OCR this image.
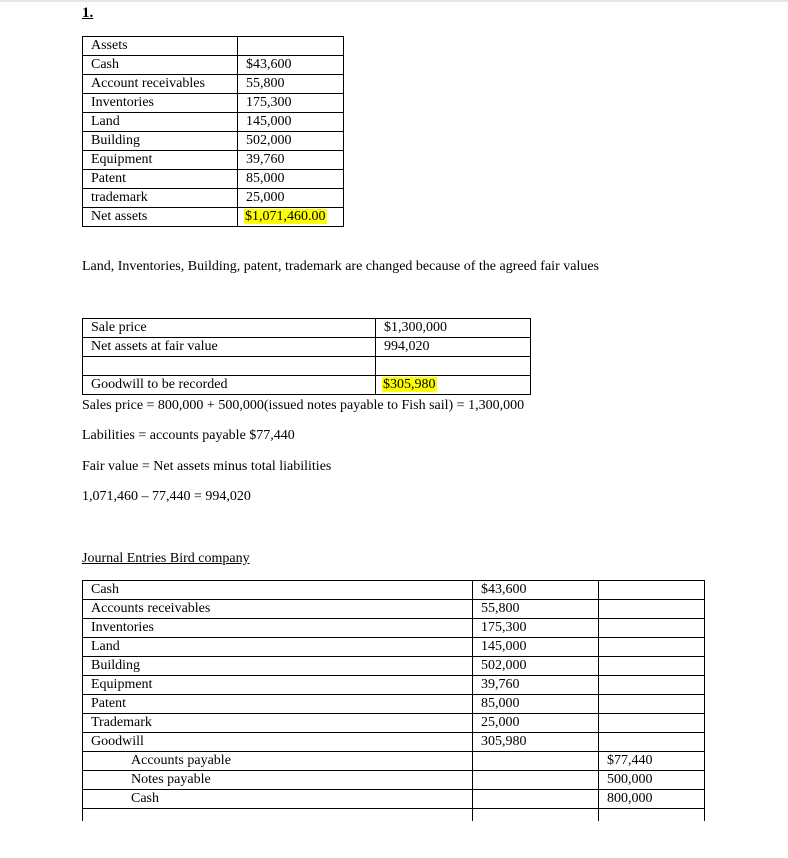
1.
Assets	
Cash	$43,600
Account receivables	55,800
Inventories	175,300
Land	145,000
Building	502,000
Equipment	39,760
Patent	85,000
trademark	25,000
Net assets	$1,071,460.00
Land, Inventories, Building, patent, trademark are changed because of the agreed fair values
Sale price	$1,300,000
Net assets at fair value	994,020

Goodwill to be recorded	$305,980
Sales price = 800,000 + 500,000(issued notes payable to Fish sail) = 1,300,000
Labilities = accounts payable $77,440
Fair value = Net assets minus total liabilities
1,071,460 – 77,440 = 994,020
Journal Entries Bird company
Cash	$43,600	
Accounts receivables	55,800	
Inventories	175,300	
Land	145,000	
Building	502,000	
Equipment	39,760	
Patent	85,000	
Trademark	25,000	
Goodwill	305,980	
Accounts payable		$77,440
Notes payable		500,000
Cash		800,000
